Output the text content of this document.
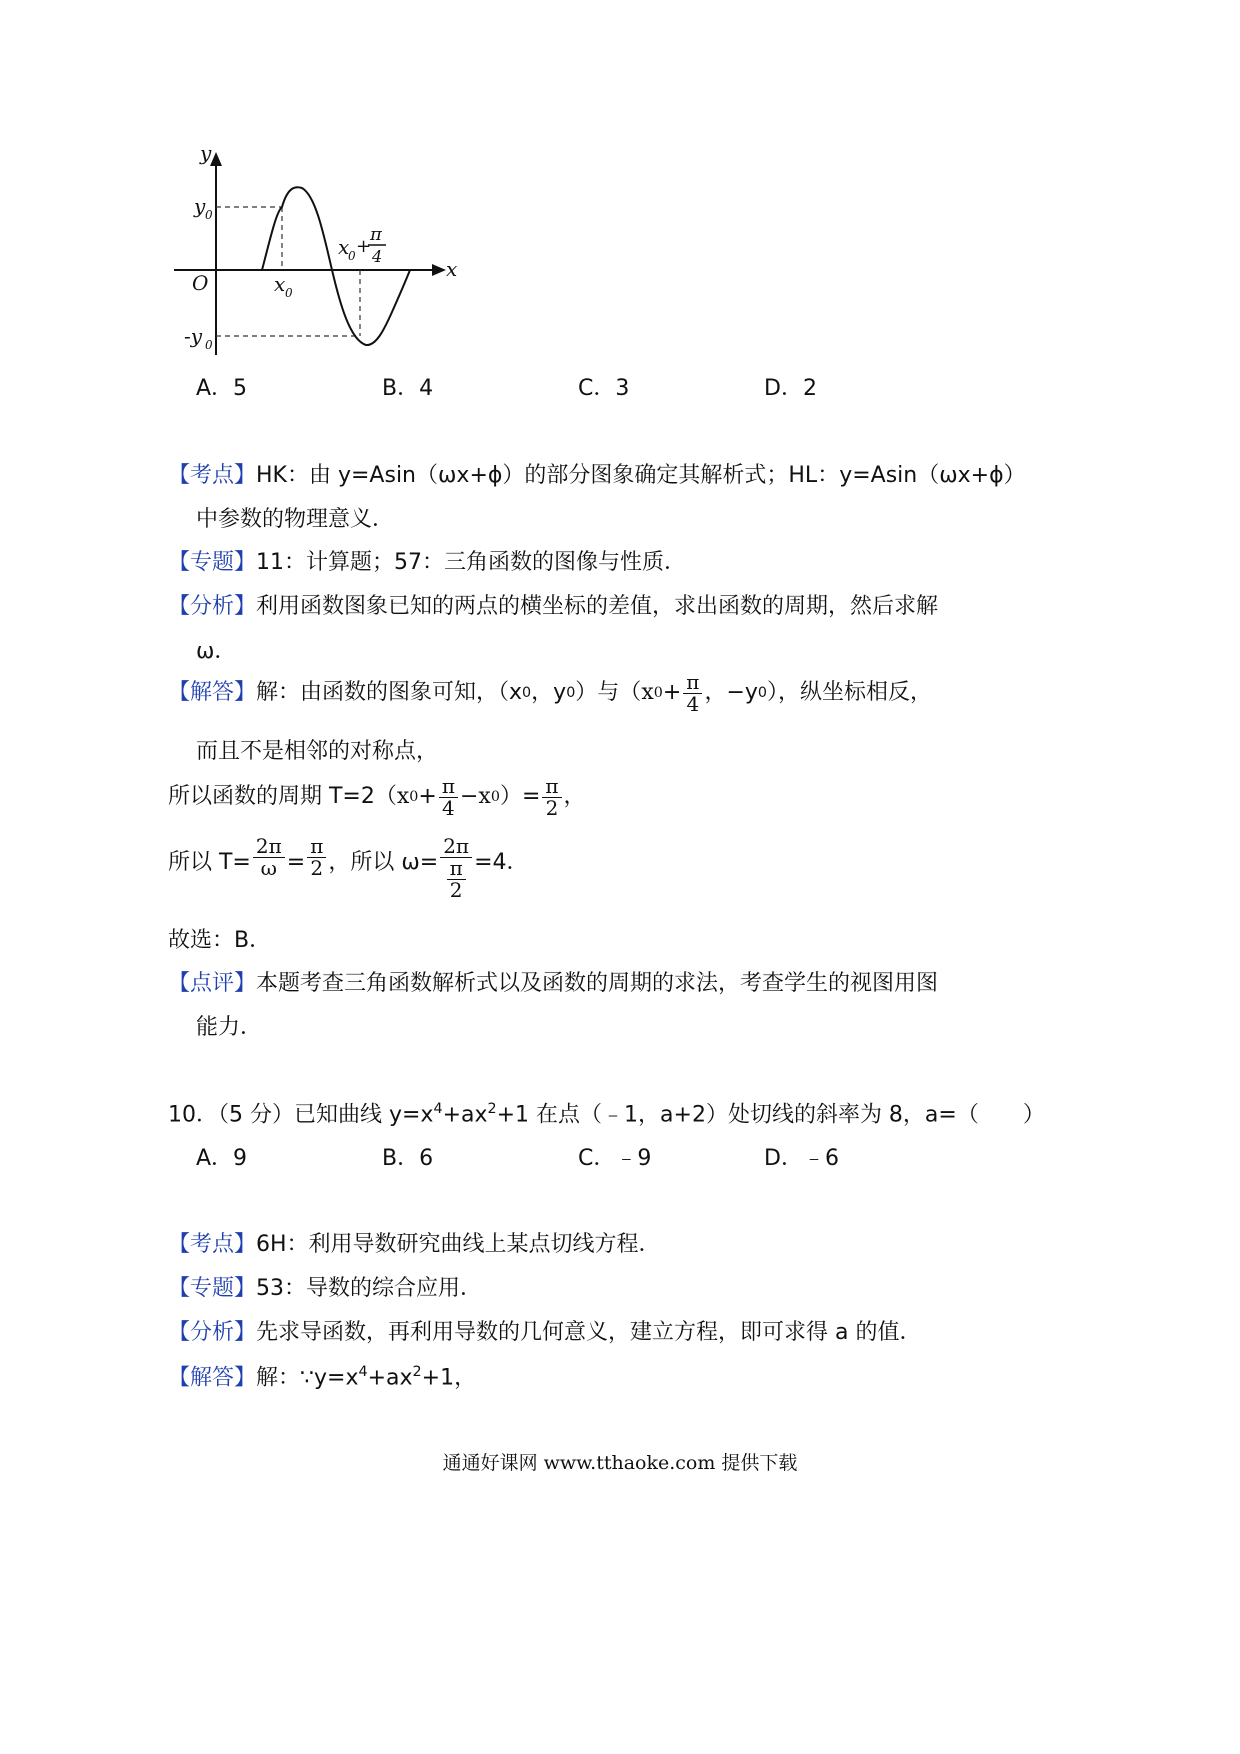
y
x
O
y 0
-y 0
x 0
x
0 +
π
4
A．5	B．4	C．3	D．2
【考点】HK：由 y=Asin（ωx+ϕ）的部分图象确定其解析式；HL：y=Asin（ωx+ϕ）
中参数的物理意义．
【专题】11：计算题；57：三角函数的图像与性质．
【分析】利用函数图象已知的两点的横坐标的差值，求出函数的周期，然后求解
ω．
【解答】 解：由函数的图象可知，（x 0 ，y 0 ）与（ x $0 + \frac{\pi}{4}$ ，−y 0 ），纵坐标相反，
而且不是相邻的对称点，
所以函数的周期 T=2（ x $0 + \frac{\pi}{4} -x$ 0 ）= $\frac{\pi}{2}$ ，
所以 $T= \frac{2\pi}{\omega} = \frac{\pi}{2}$ ，所以 ω= 2π
π
2 =4．
故选：B．
【点评】本题考查三角函数解析式以及函数的周期的求法，考查学生的视图用图
能力．
10．（5 分）已知曲线 $y=x^4+ax^2+1$ 在点（﹣1，a+2）处切线的斜率为 8，a=（　　）
A．9	B．6	C．﹣9	D．﹣6
【考点】6H：利用导数研究曲线上某点切线方程．
【专题】53：导数的综合应用．
【分析】先求导函数，再利用导数的几何意义，建立方程，即可求得 a 的值．
【解答】解：$\because y=x^4+ax^2+1$，
通通好课网 www.tthaoke.com 提供下载
